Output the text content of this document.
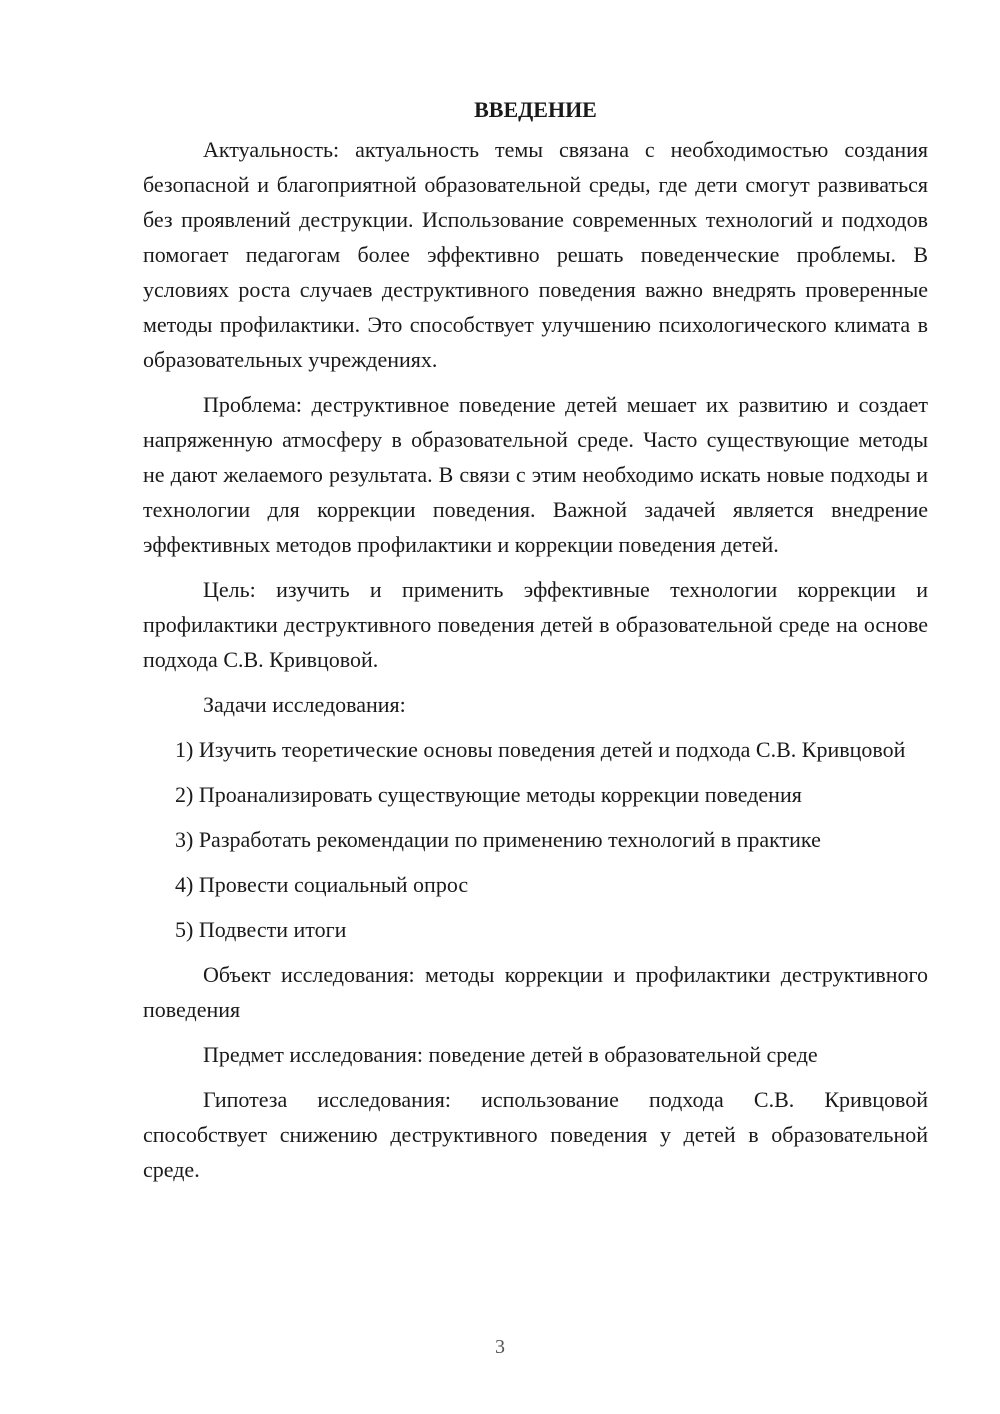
ВВЕДЕНИЕ

Актуальность: актуальность темы связана с необходимостью создания безопасной и благоприятной образовательной среды, где дети смогут развиваться без проявлений деструкции. Использование современных технологий и подходов помогает педагогам более эффективно решать поведенческие проблемы. В условиях роста случаев деструктивного поведения важно внедрять проверенные методы профилактики. Это способствует улучшению психологического климата в образовательных учреждениях.

Проблема: деструктивное поведение детей мешает их развитию и создает напряженную атмосферу в образовательной среде. Часто существующие методы не дают желаемого результата. В связи с этим необходимо искать новые подходы и технологии для коррекции поведения. Важной задачей является внедрение эффективных методов профилактики и коррекции поведения детей.

Цель: изучить и применить эффективные технологии коррекции и профилактики деструктивного поведения детей в образовательной среде на основе подхода С.В. Кривцовой.

Задачи исследования:

1) Изучить теоретические основы поведения детей и подхода С.В. Кривцовой

2) Проанализировать существующие методы коррекции поведения

3) Разработать рекомендации по применению технологий в практике

4) Провести социальный опрос

5) Подвести итоги

Объект исследования: методы коррекции и профилактики деструктивного поведения

Предмет исследования: поведение детей в образовательной среде

Гипотеза исследования: использование подхода С.В. Кривцовой способствует снижению деструктивного поведения у детей в образовательной среде.

3
